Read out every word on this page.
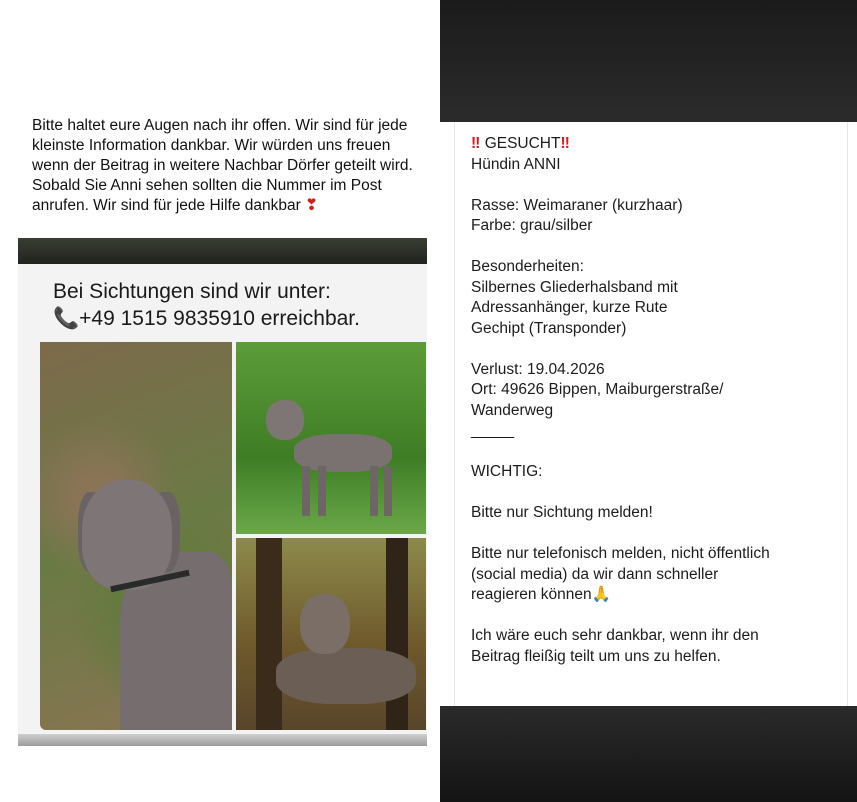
Bitte haltet eure Augen nach ihr offen. Wir sind für jede kleinste Information dankbar. Wir würden uns freuen wenn der Beitrag in weitere Nachbar Dörfer geteilt wird. Sobald Sie Anni sehen sollten die Nummer im Post anrufen. Wir sind für jede Hilfe dankbar ❣
Bei Sichtungen sind wir unter:
📞+49 1515 9835910 erreichbar.
‼ GESUCHT‼
Hündin ANNI
Rasse: Weimaraner (kurzhaar)
Farbe: grau/silber
Besonderheiten:
Silbernes Gliederhalsband mit
Adressanhänger, kurze Rute
Gechipt (Transponder)
Verlust: 19.04.2026
Ort: 49626 Bippen, Maiburgerstraße/
Wanderweg
_____
WICHTIG:
Bitte nur Sichtung melden!
Bitte nur telefonisch melden, nicht öffentlich
(social media) da wir dann schneller
reagieren können🙏
Ich wäre euch sehr dankbar, wenn ihr den
Beitrag fleißig teilt um uns zu helfen.
